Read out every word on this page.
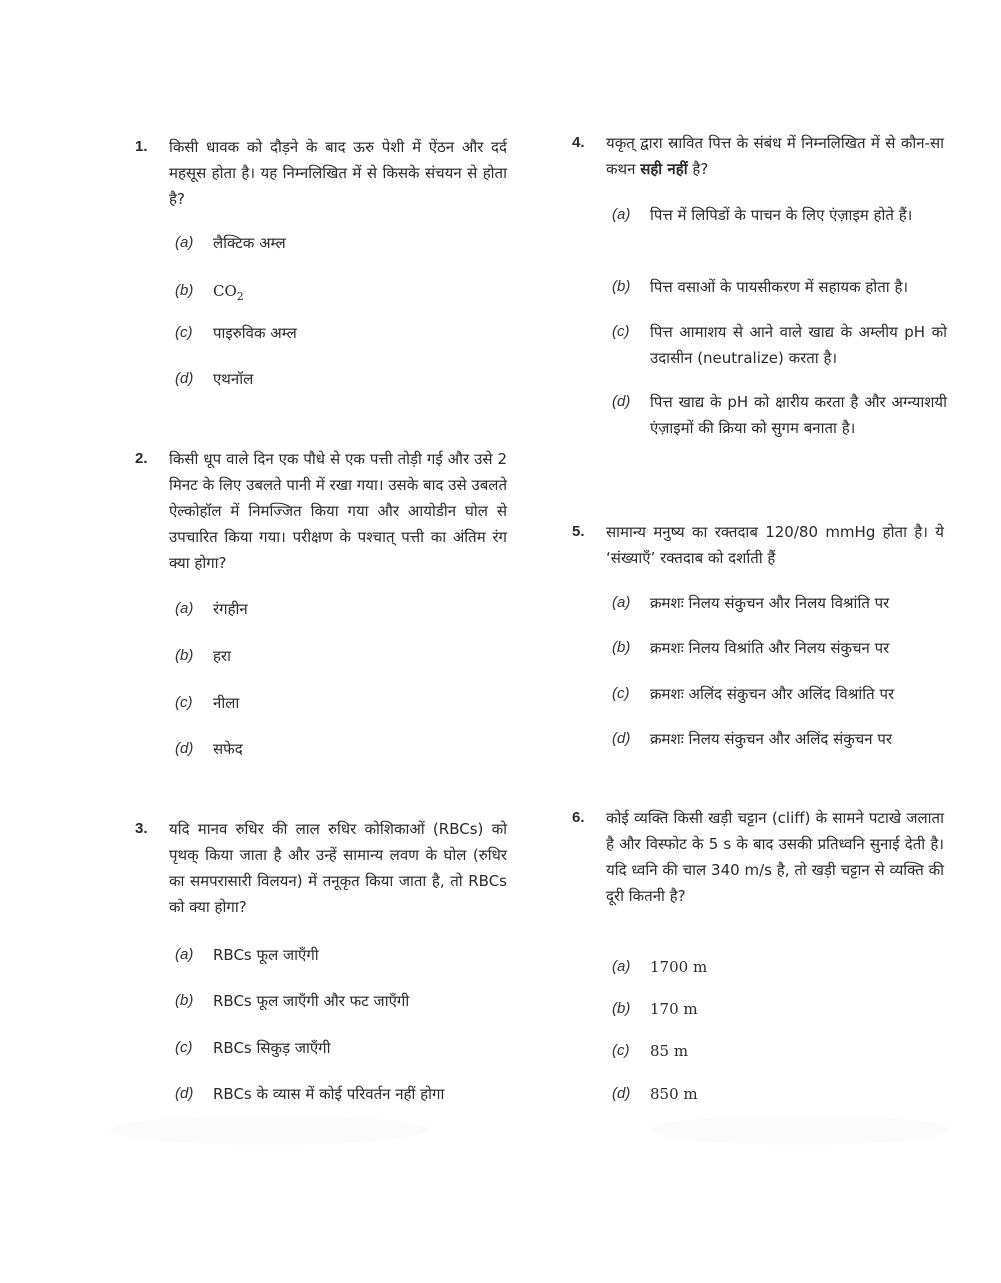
1. किसी धावक को दौड़ने के बाद ऊरु पेशी में ऐंठन और दर्द महसूस होता है। यह निम्नलिखित में से किसके संचयन से होता है?
(a) लैक्टिक अम्ल
(b) $CO_2$
(c) पाइरुविक अम्ल
(d) एथनॉल
2. किसी धूप वाले दिन एक पौधे से एक पत्ती तोड़ी गई और उसे 2 मिनट के लिए उबलते पानी में रखा गया। उसके बाद उसे उबलते ऐल्कोहॉल में निमज्जित किया गया और आयोडीन घोल से उपचारित किया गया। परीक्षण के पश्चात् पत्ती का अंतिम रंग क्या होगा?
(a) रंगहीन
(b) हरा
(c) नीला
(d) सफेद
3. यदि मानव रुधिर की लाल रुधिर कोशिकाओं (RBCs) को पृथक् किया जाता है और उन्हें सामान्य लवण के घोल (रुधिर का समपरासारी विलयन) में तनूकृत किया जाता है, तो RBCs को क्या होगा?
(a) RBCs फूल जाएँगी
(b) RBCs फूल जाएँगी और फट जाएँगी
(c) RBCs सिकुड़ जाएँगी
(d) RBCs के व्यास में कोई परिवर्तन नहीं होगा
4. यकृत् द्वारा स्रावित पित्त के संबंध में निम्नलिखित में से कौन-सा कथन सही नहीं है?
(a) पित्त में लिपिडों के पाचन के लिए एंज़ाइम होते हैं।
(b) पित्त वसाओं के पायसीकरण में सहायक होता है।
(c) पित्त आमाशय से आने वाले खाद्य के अम्लीय pH को उदासीन (neutralize) करता है।
(d) पित्त खाद्य के pH को क्षारीय करता है और अग्न्याशयी एंज़ाइमों की क्रिया को सुगम बनाता है।
5. सामान्य मनुष्य का रक्तदाब 120/80 mmHg होता है। ये ‘संख्याएँ’ रक्तदाब को दर्शाती हैं
(a) क्रमशः निलय संकुचन और निलय विश्रांति पर
(b) क्रमशः निलय विश्रांति और निलय संकुचन पर
(c) क्रमशः अलिंद संकुचन और अलिंद विश्रांति पर
(d) क्रमशः निलय संकुचन और अलिंद संकुचन पर
6. कोई व्यक्ति किसी खड़ी चट्टान (cliff) के सामने पटाखे जलाता है और विस्फोट के 5 s के बाद उसकी प्रतिध्वनि सुनाई देती है। यदि ध्वनि की चाल 340 m/s है, तो खड़ी चट्टान से व्यक्ति की दूरी कितनी है?
(a) 1700 m
(b) 170 m
(c) 85 m
(d) 850 m
